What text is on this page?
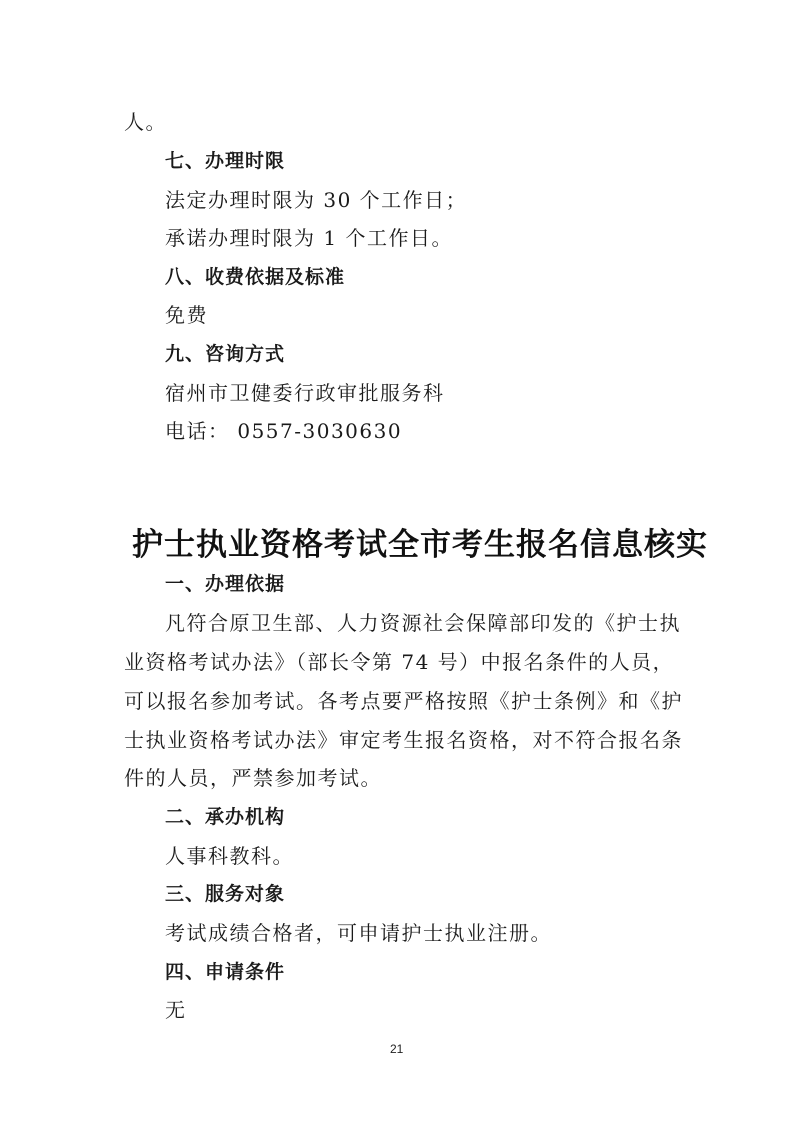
人。
七、办理时限
法定办理时限为 30 个工作日；
承诺办理时限为 1 个工作日。
八、收费依据及标准
免费
九、咨询方式
宿州市卫健委行政审批服务科
电话： 0557-3030630
护士执业资格考试全市考生报名信息核实
一、办理依据
凡符合原卫生部、人力资源社会保障部印发的《护士执
业资格考试办法》（部长令第 74 号）中报名条件的人员，
可以报名参加考试。各考点要严格按照《护士条例》和《护
士执业资格考试办法》审定考生报名资格，对不符合报名条
件的人员，严禁参加考试。
二、承办机构
人事科教科。
三、服务对象
考试成绩合格者，可申请护士执业注册。
四、申请条件
无
21
